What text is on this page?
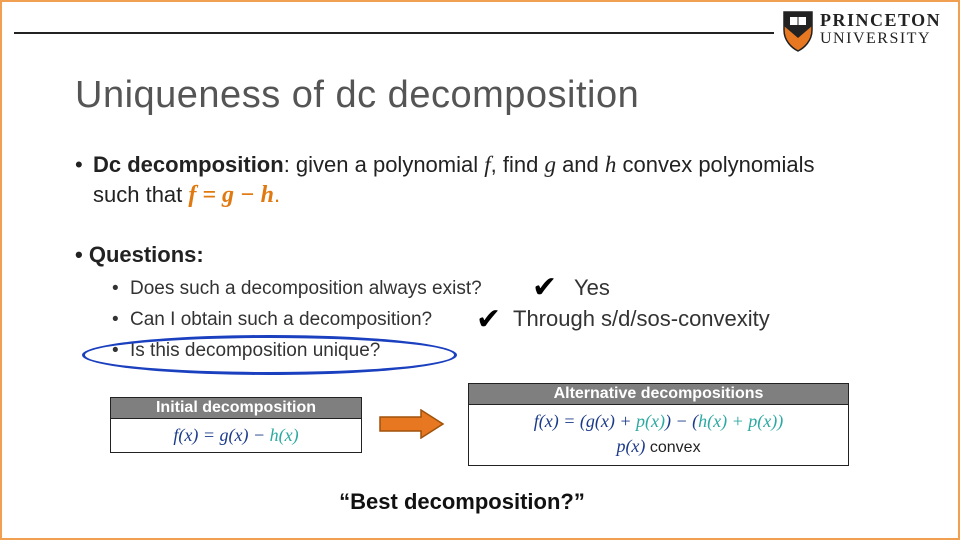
PRINCETON
UNIVERSITY
Uniqueness of dc decomposition
• Dc decomposition: given a polynomial f, find g and h convex polynomials such that f = g − h.
• Questions:
• Does such a decomposition always exist?
• Can I obtain such a decomposition?
• Is this decomposition unique?
✔ Yes
✔ Through s/d/sos-convexity
Initial decomposition
f(x) = g(x) − h(x)
Alternative decompositions
f(x) = (g(x) + p(x)) − (h(x) + p(x))
p(x) convex
“Best decomposition?”
